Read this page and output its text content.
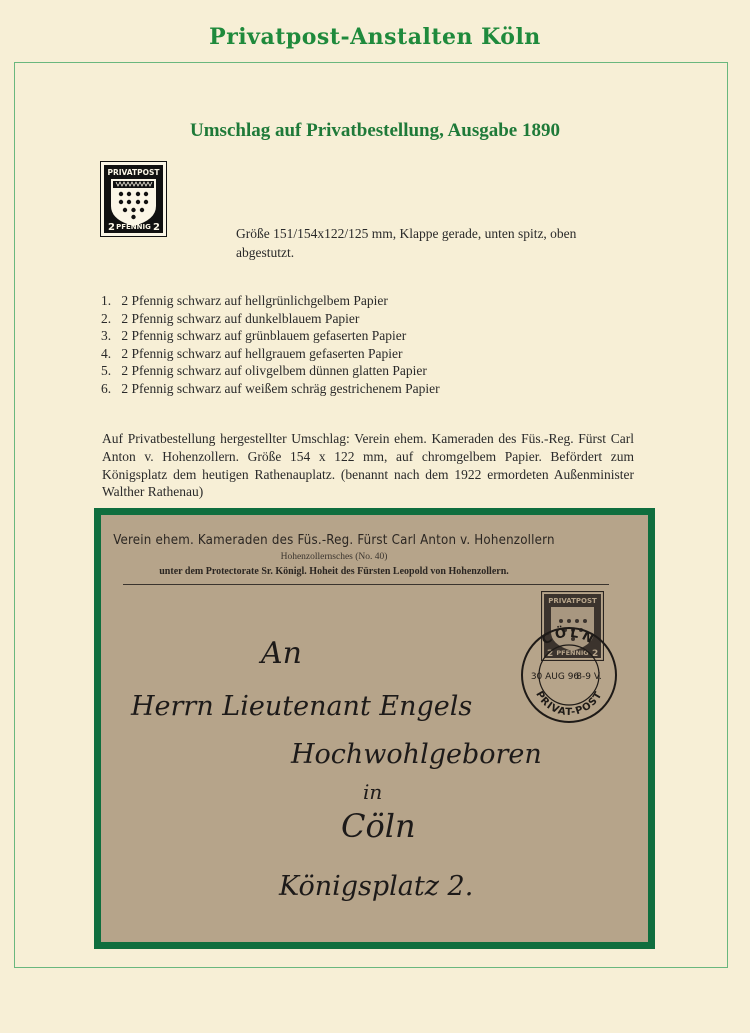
Privatpost-Anstalten Köln
Umschlag auf Privatbestellung, Ausgabe 1890
PRIVATPOST
2 PFENNIG 2	Größe 151/154x122/125 mm, Klappe gerade, unten spitz, oben abgestutzt.
1. 2 Pfennig schwarz auf hellgrünlichgelbem Papier
2. 2 Pfennig schwarz auf dunkelblauem Papier
3. 2 Pfennig schwarz auf grünblauem gefaserten Papier
4. 2 Pfennig schwarz auf hellgrauem gefaserten Papier
5. 2 Pfennig schwarz auf olivgelbem dünnen glatten Papier
6. 2 Pfennig schwarz auf weißem schräg gestrichenem Papier
Auf Privatbestellung hergestellter Umschlag: Verein ehem. Kameraden des Füs.-Reg. Fürst Carl Anton v. Hohenzollern. Größe 154 x 122 mm, auf chromgelbem Papier. Befördert zum Königsplatz dem heutigen Rathenauplatz. (benannt nach dem 1922 ermordeten Außenminister Walther Rathenau)
Verein ehem. Kameraden des Füs.-Reg. Fürst Carl Anton v. Hohenzollern
Hohenzollernsches (No. 40)
unter dem Protectorate Sr. Königl. Hoheit des Fürsten Leopold von Hohenzollern.
PRIVATPOST
2 PFENNIG 2
CÖLN
PRIVAT-POST
30 AUG 96
8-9 V.
An
Herrn Lieutenant Engels
Hochwohlgeboren
in
Cöln
Königsplatz 2.
